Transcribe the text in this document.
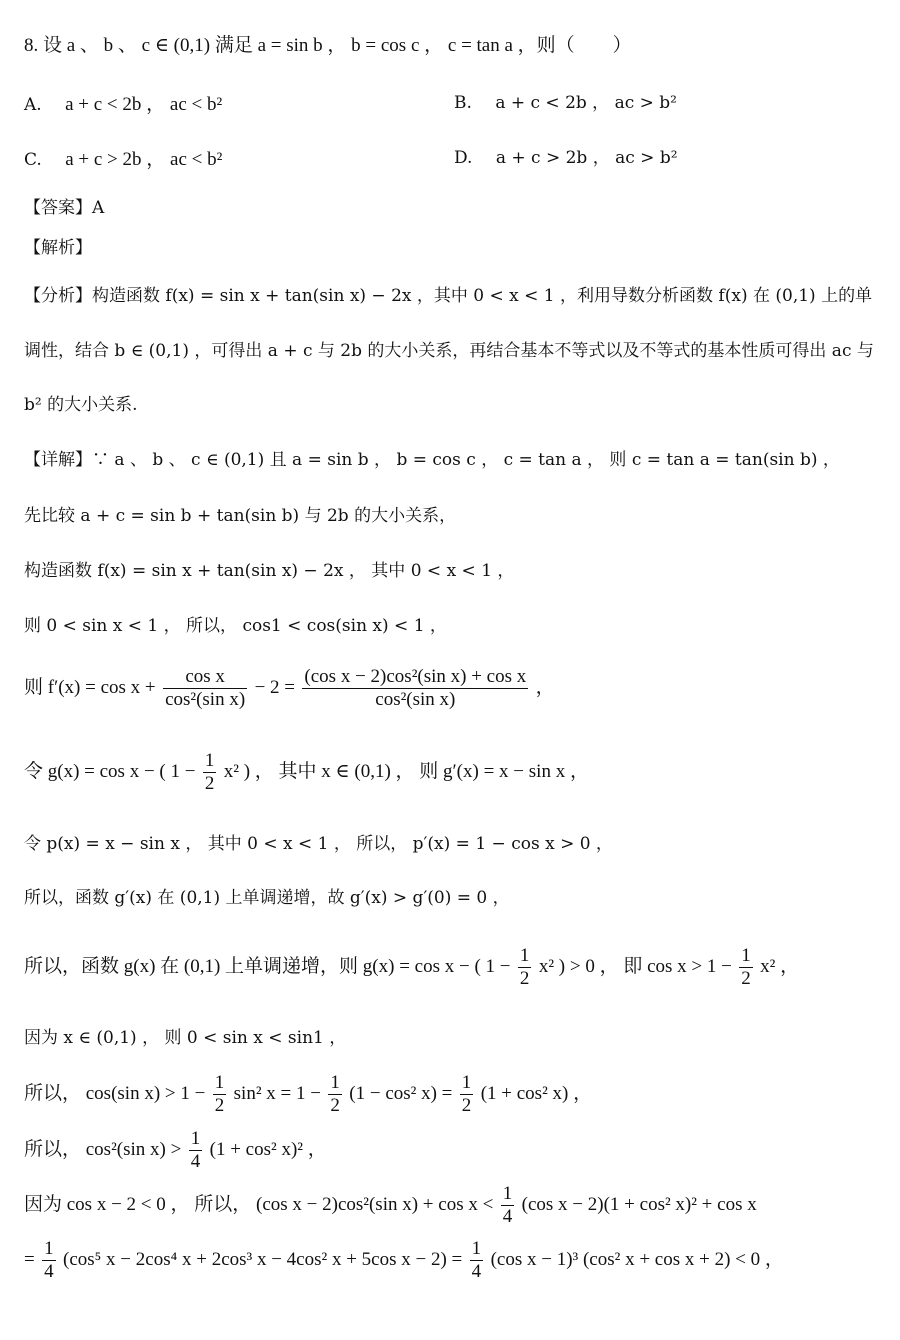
8. 设 a 、 b 、 c ∈ (0,1) 满足 a = sin b ， b = cos c ， c = tan a ，则（　　）
A. a + c < 2b ， ac < b²	B. a + c < 2b ， ac > b²
C. a + c > 2b ， ac < b²	D. a + c > 2b ， ac > b²
【答案】A
【解析】
【分析】构造函数 f(x) = sin x + tan(sin x) − 2x ，其中 0 < x < 1 ，利用导数分析函数 f(x) 在 (0,1) 上的单
调性，结合 b ∈ (0,1) ，可得出 a + c 与 2b 的大小关系，再结合基本不等式以及不等式的基本性质可得出 ac 与
b² 的大小关系.
【详解】∵ a 、 b 、 c ∈ (0,1) 且 a = sin b ， b = cos c ， c = tan a ， 则 c = tan a = tan(sin b) ，
先比较 a + c = sin b + tan(sin b) 与 2b 的大小关系，
构造函数 f(x) = sin x + tan(sin x) − 2x ， 其中 0 < x < 1 ，
则 0 < sin x < 1 ， 所以， cos1 < cos(sin x) < 1 ，
则 $f'(x) = \cos x + \frac{\text{cos x}}{\text{cos²(sin x)}} - 2 = \frac{\text{(cos x − 2)cos²(sin x) + cos x}}{\text{cos²(sin x)}}$ ，
令 g(x) = cos x − ( $1 - \frac{1}{2} x^2$ ) ， 其中 x ∈ (0,1) ， 则 g′(x) = x − sin x ，
令 p(x) = x − sin x ， 其中 0 < x < 1 ， 所以， p′(x) = 1 − cos x > 0 ，
所以，函数 g′(x) 在 (0,1) 上单调递增，故 g′(x) > g′(0) = 0 ，
所以，函数 g(x) 在 (0,1) 上单调递增，则 g(x) = cos x − ( $1 - \frac{1}{2} x^2$ ) > 0 ， 即 $\cos x > 1 - \frac{1}{2} x^2$ ，
因为 x ∈ (0,1) ， 则 0 < sin x < sin1 ，
所以， cos(sin $x) > 1 - \frac{1}{2} \sin^2$ $x = 1 - \frac{1}{2} (1 - \cos^2$ $x) = \frac{1}{2} (1 + \cos^2$ x) ，
所以， cos²(sin $x) > \frac{1}{4} (1 + \cos^2$ x)² ，
因为 cos x − 2 < 0 ， 所以， (cos x − 2)cos²(sin $x) + \cos x < \frac{1}{4} (\cos$ x − 2)(1 + cos² x)² + cos x
= $\frac{1}{4} (\cos^5$ x − 2cos⁴ x + 2cos³ x − 4cos² x + 5cos $x - 2) = \frac{1}{4} (\cos$ x − 1)³ (cos² x + cos x + 2) < 0 ，
